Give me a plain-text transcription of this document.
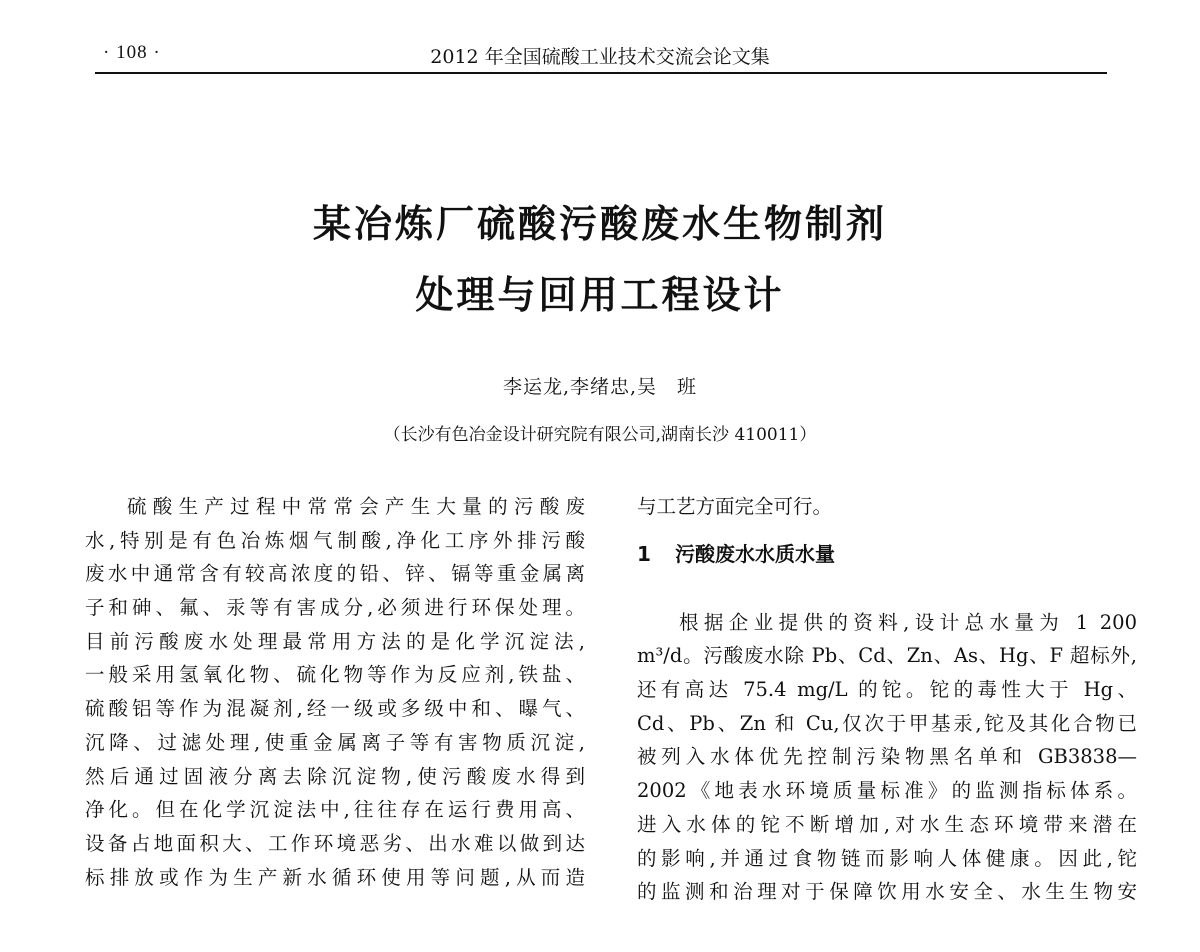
· 108 ·	2012 年全国硫酸工业技术交流会论文集
某冶炼厂硫酸污酸废水生物制剂
处理与回用工程设计
李运龙,李绪忠,吴　班
（长沙有色冶金设计研究院有限公司,湖南长沙 410011）
硫酸生产过程中常常会产生大量的污酸废
水,特别是有色冶炼烟气制酸,净化工序外排污酸
废水中通常含有较高浓度的铅、锌、镉等重金属离
子和砷、氟、汞等有害成分,必须进行环保处理。
目前污酸废水处理最常用方法的是化学沉淀法,
一般采用氢氧化物、硫化物等作为反应剂,铁盐、
硫酸铝等作为混凝剂,经一级或多级中和、曝气、
沉降、过滤处理,使重金属离子等有害物质沉淀,
然后通过固液分离去除沉淀物,使污酸废水得到
净化。但在化学沉淀法中,往往存在运行费用高、
设备占地面积大、工作环境恶劣、出水难以做到达
标排放或作为生产新水循环使用等问题,从而造
与工艺方面完全可行。
1 污酸废水水质水量
根据企业提供的资料,设计总水量为 1 200
m³/d。污酸废水除 Pb、Cd、Zn、As、Hg、F 超标外,
还有高达 75.4 mg/L 的铊。铊的毒性大于 Hg、
Cd、Pb、Zn 和 Cu,仅次于甲基汞,铊及其化合物已
被列入水体优先控制污染物黑名单和 GB3838—
2002《地表水环境质量标准》的监测指标体系。
进入水体的铊不断增加,对水生态环境带来潜在
的影响,并通过食物链而影响人体健康。因此,铊
的监测和治理对于保障饮用水安全、水生生物安
